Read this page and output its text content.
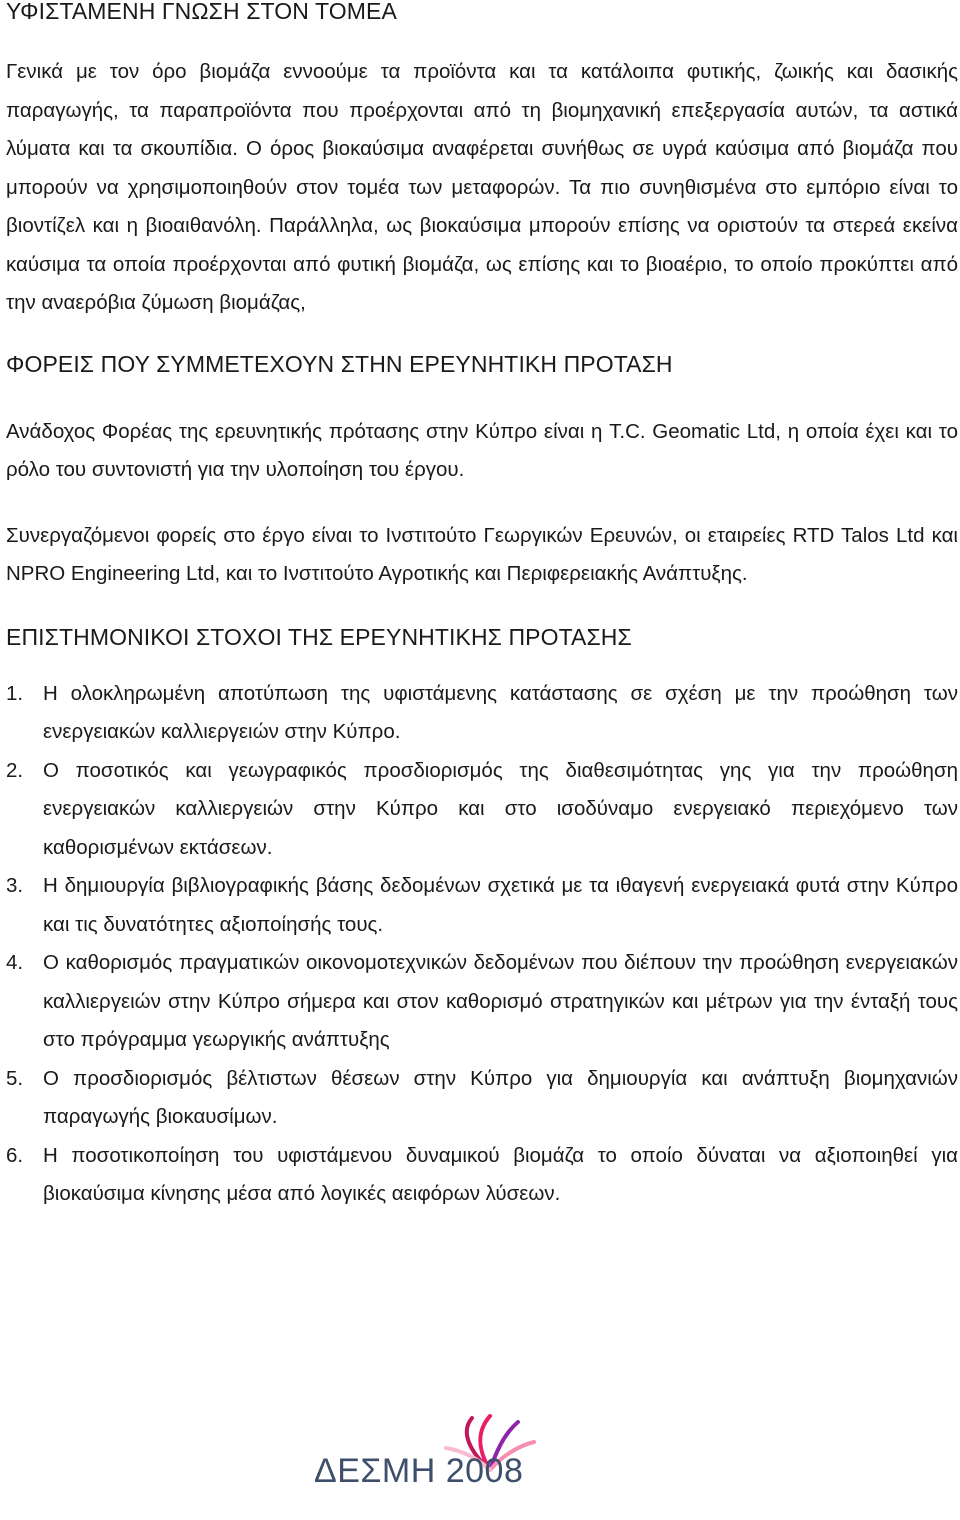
ΥΦΙΣΤΑΜΕΝΗ ΓΝΩΣΗ ΣΤΟΝ ΤΟΜΕΑ

Γενικά με τον όρο βιομάζα εννοούμε τα προϊόντα και τα κατάλοιπα φυτικής, ζωικής και δασικής παραγωγής, τα παραπροϊόντα που προέρχονται από τη βιομηχανική επεξεργασία αυτών, τα αστικά λύματα και τα σκουπίδια. Ο όρος βιοκαύσιμα αναφέρεται συνήθως σε υγρά καύσιμα από βιομάζα που μπορούν να χρησιμοποιηθούν στον τομέα των μεταφορών. Τα πιο συνηθισμένα στο εμπόριο είναι το βιοντίζελ και η βιοαιθανόλη. Παράλληλα, ως βιοκαύσιμα μπορούν επίσης να οριστούν τα στερεά εκείνα καύσιμα τα οποία προέρχονται από φυτική βιομάζα, ως επίσης και το βιοαέριο, το οποίο προκύπτει από την αναερόβια ζύμωση βιομάζας,

ΦΟΡΕΙΣ ΠΟΥ ΣΥΜΜΕΤΕΧΟΥΝ ΣΤΗΝ ΕΡΕΥΝΗΤΙΚΗ ΠΡΟΤΑΣΗ

Ανάδοχος Φορέας της ερευνητικής πρότασης στην Κύπρο είναι η T.C. Geomatic Ltd, η οποία έχει και το ρόλο του συντονιστή για την υλοποίηση του έργου.

Συνεργαζόμενοι φορείς στο έργο είναι το Ινστιτούτο Γεωργικών Ερευνών, οι εταιρείες RTD Talos Ltd και NPRO Engineering Ltd, και το Ινστιτούτο Αγροτικής και Περιφερειακής Ανάπτυξης.

ΕΠΙΣΤΗΜΟΝΙΚΟΙ ΣΤΟΧΟΙ ΤΗΣ ΕΡΕΥΝΗΤΙΚΗΣ ΠΡΟΤΑΣΗΣ
1. Η ολοκληρωμένη αποτύπωση της υφιστάμενης κατάστασης σε σχέση με την προώθηση των ενεργειακών καλλιεργειών στην Κύπρο.
2. Ο ποσοτικός και γεωγραφικός προσδιορισμός της διαθεσιμότητας γης για την προώθηση ενεργειακών καλλιεργειών στην Κύπρο και στο ισοδύναμο ενεργειακό περιεχόμενο των καθορισμένων εκτάσεων.
3. Η δημιουργία βιβλιογραφικής βάσης δεδομένων σχετικά με τα ιθαγενή ενεργειακά φυτά στην Κύπρο και τις δυνατότητες αξιοποίησής τους.
4. Ο καθορισμός πραγματικών οικονομοτεχνικών δεδομένων που διέπουν την προώθηση ενεργειακών καλλιεργειών στην Κύπρο σήμερα και στον καθορισμό στρατηγικών και μέτρων για την ένταξή τους στο πρόγραμμα γεωργικής ανάπτυξης
5. Ο προσδιορισμός βέλτιστων θέσεων στην Κύπρο για δημιουργία και ανάπτυξη βιομηχανιών παραγωγής βιοκαυσίμων.
6. Η ποσοτικοποίηση του υφιστάμενου δυναμικού βιομάζα το οποίο δύναται να αξιοποιηθεί για βιοκαύσιμα κίνησης μέσα από λογικές αειφόρων λύσεων.
ΔΕΣΜΗ 2008
